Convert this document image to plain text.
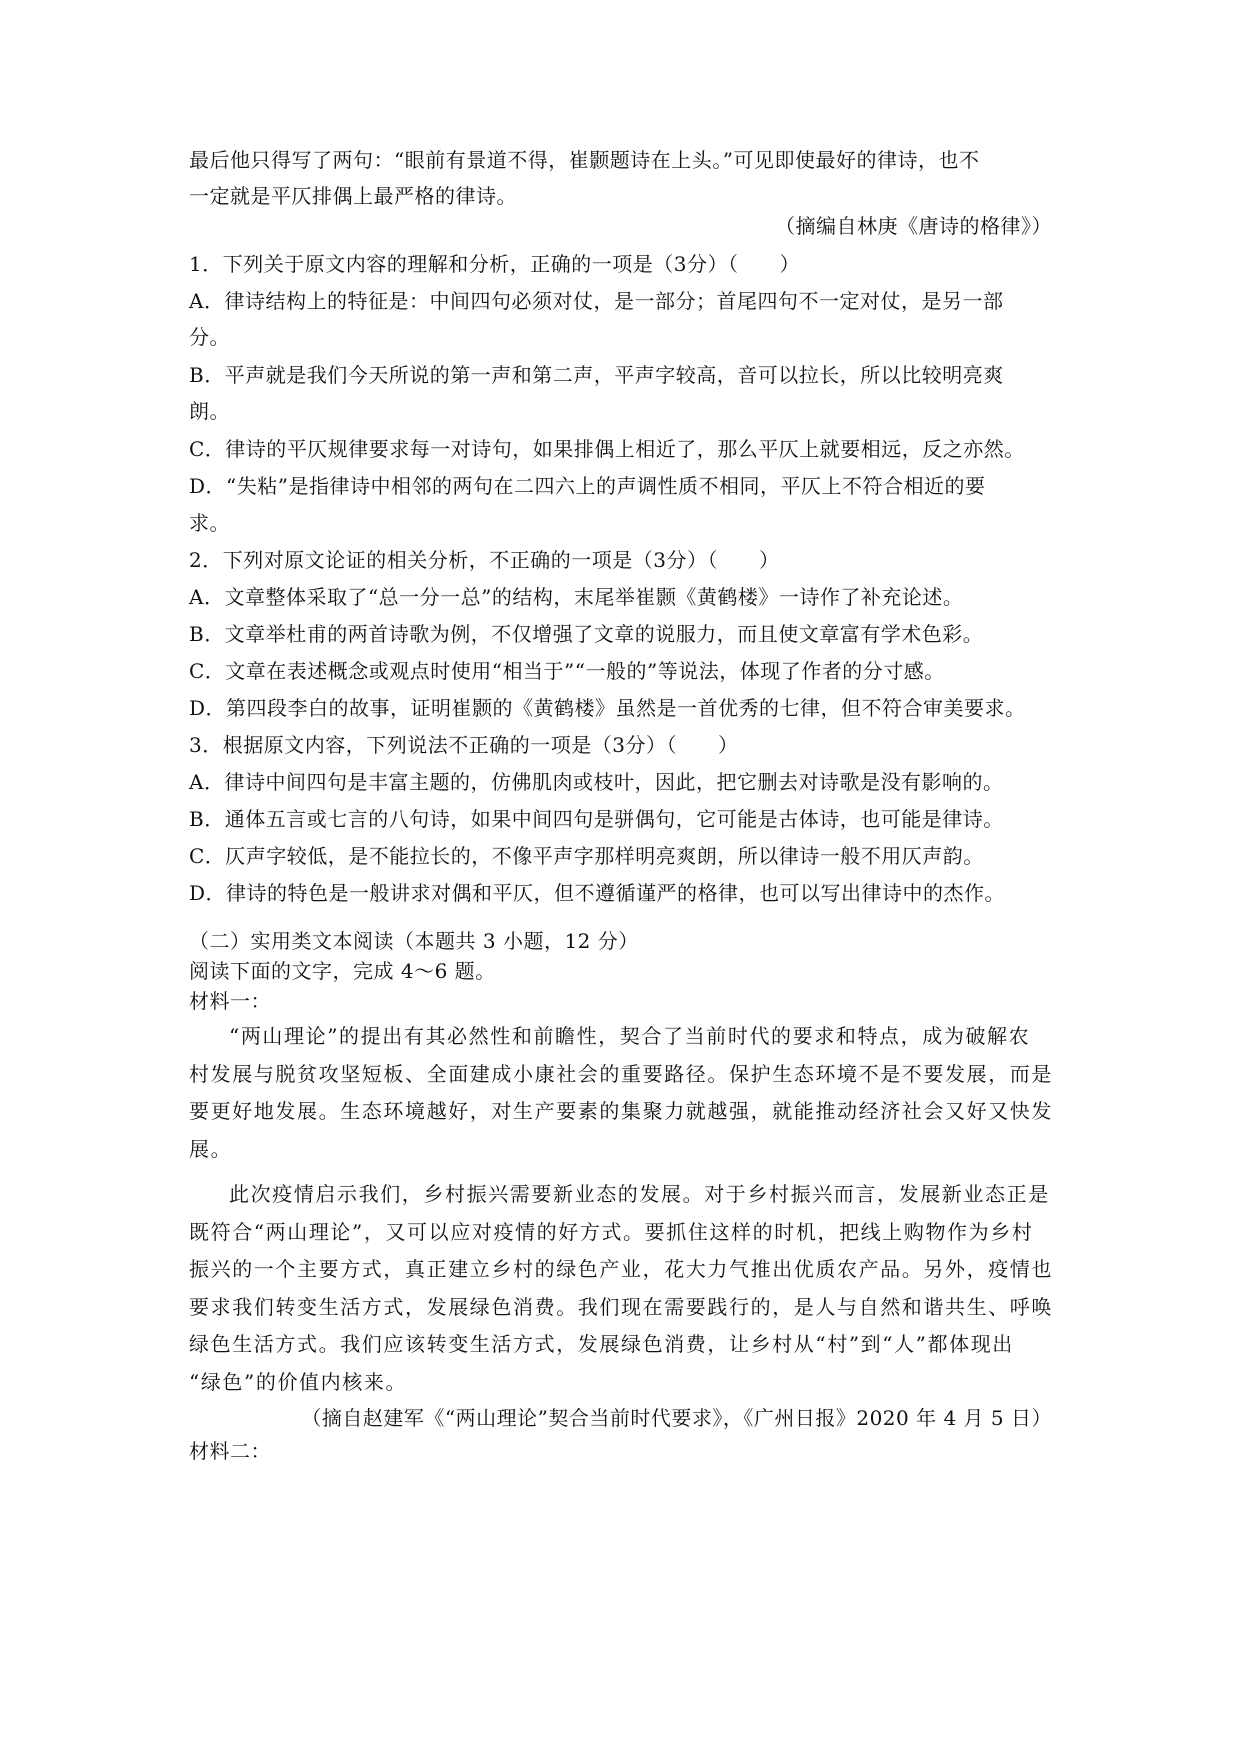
最后他只得写了两句：“眼前有景道不得，崔颢题诗在上头。”可见即使最好的律诗，也不
一定就是平仄排偶上最严格的律诗。
（摘编自林庚《唐诗的格律》）
1．下列关于原文内容的理解和分析，正确的一项是（3分）（　　）
A．律诗结构上的特征是：中间四句必须对仗，是一部分；首尾四句不一定对仗，是另一部
分。
B．平声就是我们今天所说的第一声和第二声，平声字较高，音可以拉长，所以比较明亮爽
朗。
C．律诗的平仄规律要求每一对诗句，如果排偶上相近了，那么平仄上就要相远，反之亦然。
D．“失粘”是指律诗中相邻的两句在二四六上的声调性质不相同，平仄上不符合相近的要
求。
2．下列对原文论证的相关分析，不正确的一项是（3分）（　　）
A．文章整体采取了“总一分一总”的结构，末尾举崔颢《黄鹤楼》一诗作了补充论述。
B．文章举杜甫的两首诗歌为例，不仅增强了文章的说服力，而且使文章富有学术色彩。
C．文章在表述概念或观点时使用“相当于”“一般的”等说法，体现了作者的分寸感。
D．第四段李白的故事，证明崔颢的《黄鹤楼》虽然是一首优秀的七律，但不符合审美要求。
3．根据原文内容，下列说法不正确的一项是（3分）（　　）
A．律诗中间四句是丰富主题的，仿佛肌肉或枝叶，因此，把它删去对诗歌是没有影响的。
B．通体五言或七言的八句诗，如果中间四句是骈偶句，它可能是古体诗，也可能是律诗。
C．仄声字较低，是不能拉长的，不像平声字那样明亮爽朗，所以律诗一般不用仄声韵。
D．律诗的特色是一般讲求对偶和平仄，但不遵循谨严的格律，也可以写出律诗中的杰作。
（二）实用类文本阅读（本题共 3 小题，12 分）
阅读下面的文字，完成 4～6 题。
材料一：
“两山理论”的提出有其必然性和前瞻性，契合了当前时代的要求和特点，成为破解农
村发展与脱贫攻坚短板、全面建成小康社会的重要路径。保护生态环境不是不要发展，而是
要更好地发展。生态环境越好，对生产要素的集聚力就越强，就能推动经济社会又好又快发
展。
此次疫情启示我们，乡村振兴需要新业态的发展。对于乡村振兴而言，发展新业态正是
既符合“两山理论”，又可以应对疫情的好方式。要抓住这样的时机，把线上购物作为乡村
振兴的一个主要方式，真正建立乡村的绿色产业，花大力气推出优质农产品。另外，疫情也
要求我们转变生活方式，发展绿色消费。我们现在需要践行的，是人与自然和谐共生、呼唤
绿色生活方式。我们应该转变生活方式，发展绿色消费，让乡村从“村”到“人”都体现出
“绿色”的价值内核来。
（摘自赵建军《“两山理论”契合当前时代要求》，《广州日报》2020 年 4 月 5 日）
材料二：
